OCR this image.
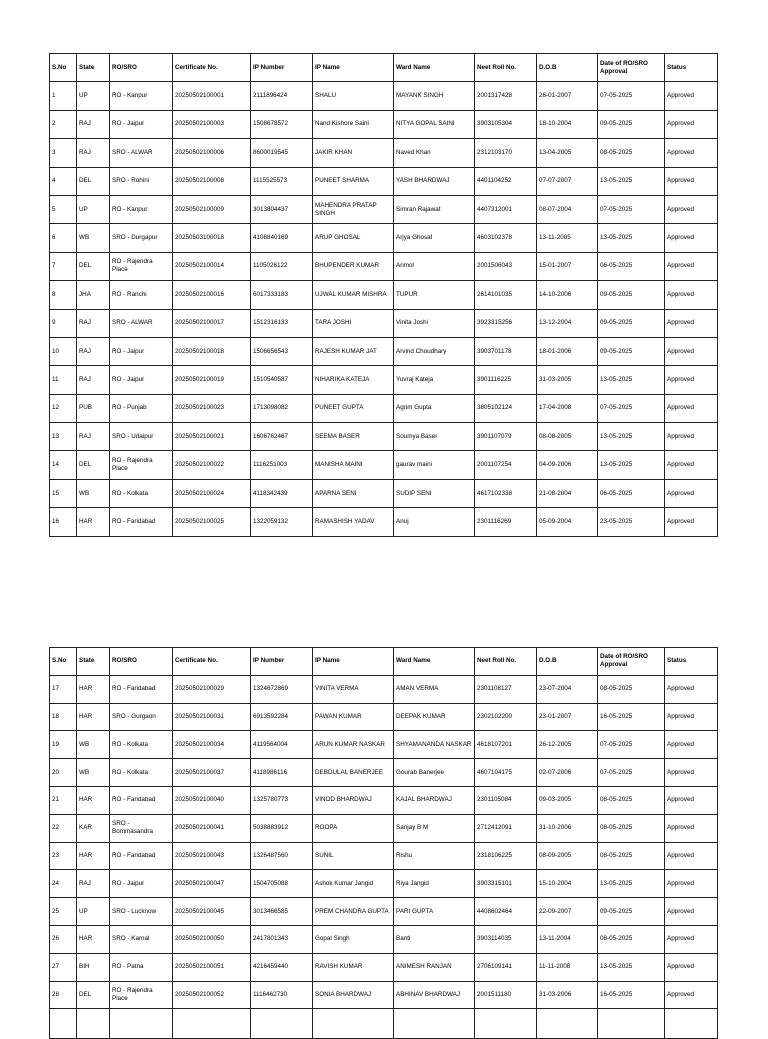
S.No	State	RO/SRO	Certificate No.	IP Number	IP Name	Ward Name	Neet Roll No.	D.O.B	Date of RO/SRO Approval	Status
1	UP	RO - Kanpur	20250502100001	2111896424	SHALU	MAYANK SINGH	2001317428	26-01-2007	07-05-2025	Approved
2	RAJ	RO - Jaipur	20250502100003	1508678572	Nand Kishore Saini	NITYA GOPAL SAINI	3903105304	18-10-2004	09-05-2025	Approved
3	RAJ	SRO - ALWAR	20250502100006	8600019545	JAKIR KHAN	Naved Khan	2312103170	13-04-2005	08-05-2025	Approved
4	DEL	SRO - Rohini	20250502100008	1115525573	PUNEET SHARMA	YASH BHARDWAJ	4401104252	07-07-2007	13-05-2025	Approved
5	UP	RO - Kanpur	20250502100009	3013804437	MAHENDRA PRATAP SINGH	Simran Rajawat	4407312001	08-07-2004	07-05-2025	Approved
6	WB	SRO - Durgapur	20250503100018	4108840169	ARUP GHOSAL	Arjya Ghosal	4603102378	13-11-2005	13-05-2025	Approved
7	DEL	RO - Rajendra Place	20250502100014	1105026122	BHUPENDER KUMAR	Anmol	2001506043	15-01-2007	06-05-2025	Approved
8	JHA	RO - Ranchi	20250502100016	6017333183	UJWAL KUMAR MISHRA	TUPUR	2614101035	14-10-2006	09-05-2025	Approved
9	RAJ	SRO - ALWAR	20250502100017	1512316133	TARA JOSHI	Vinita Joshi	3923315256	13-12-2004	09-05-2025	Approved
10	RAJ	RO - Jaipur	20250502100018	1506656543	RAJESH KUMAR JAT	Arvind Choudhary	3903701178	18-01-2006	09-05-2025	Approved
11	RAJ	RO - Jaipur	20250502100019	1510540587	NIHARIKA KATEJA	Yuvraj Kateja	3901116225	31-03-2005	13-05-2025	Approved
12	PUB	RO - Punjab	20250502100023	1713098082	PUNEET GUPTA	Agrim Gupta	3805102124	17-04-2008	07-05-2025	Approved
13	RAJ	SRO - Udaipur	20250502100021	1606762467	SEEMA BASER	Soumya Baser	3901107079	08-08-2005	13-05-2025	Approved
14	DEL	RO - Rajendra Place	20250502100022	1116251003	MANISHA MAINI	gaurav maini	2001107254	04-09-2006	13-05-2025	Approved
15	WB	RO - Kolkata	20250502100024	4118342439	APARNA SENI	SUDIP SENI	4617102338	21-08-2004	06-05-2025	Approved
16	HAR	RO - Faridabad	20250502100025	1322059132	RAMASHISH YADAV	Anuj	2301116269	05-09-2004	23-05-2025	Approved
S.No	State	RO/SRO	Certificate No.	IP Number	IP Name	Ward Name	Neet Roll No.	D.O.B	Date of RO/SRO Approval	Status
17	HAR	RO - Faridabad	20250502100029	1324672869	VINITA VERMA	AMAN VERMA	2301108127	23-07-2004	08-05-2025	Approved
18	HAR	SRO - Gurgaon	20250502100031	6913592284	PAWAN KUMAR	DEEPAK KUMAR	2302102200	23-01-2007	16-05-2025	Approved
19	WB	RO - Kolkata	20250502100034	4119564004	ARUN KUMAR NASKAR	SHYAMANANDA NASKAR	4618107201	26-12-2005	07-05-2025	Approved
20	WB	RO - Kolkata	20250502100037	4118986116	DEBDULAL BANERJEE	Gourab Banerjee	4607104175	02-07-2006	07-05-2025	Approved
21	HAR	RO - Faridabad	20250502100040	1325780773	VINOD BHARDWAJ	KAJAL BHARDWAJ	2301105084	09-03-2005	08-05-2025	Approved
22	KAR	SRO - Bommasandra	20250502100041	5038883912	ROOPA	Sanjay B M	2712412091	31-10-2006	08-05-2025	Approved
23	HAR	RO - Faridabad	20250502100043	1326487560	SUNIL	Rishu	2318106225	08-09-2005	08-05-2025	Approved
24	RAJ	RO - Jaipur	20250502100047	1504705088	Ashok Kumar Jangid	Riya Jangid	3903315101	15-10-2004	13-05-2025	Approved
25	UP	SRO - Lucknow	20250502100045	3013466585	PREM CHANDRA GUPTA	PARI GUPTA	4408602464	22-09-2007	09-05-2025	Approved
26	HAR	SRO - Karnal	20250502100050	2417801343	Gopal Singh	Banti	3903114035	13-11-2004	08-05-2025	Approved
27	BIH	RO - Patna	20250502100051	4216459440	RAVISH KUMAR	ANIMESH RANJAN	2706109141	11-11-2008	13-05-2025	Approved
28	DEL	RO - Rajendra Place	20250502100052	1116462730	SONIA BHARDWAJ	ABHINAV BHARDWAJ	2001511180	31-03-2006	16-05-2025	Approved
